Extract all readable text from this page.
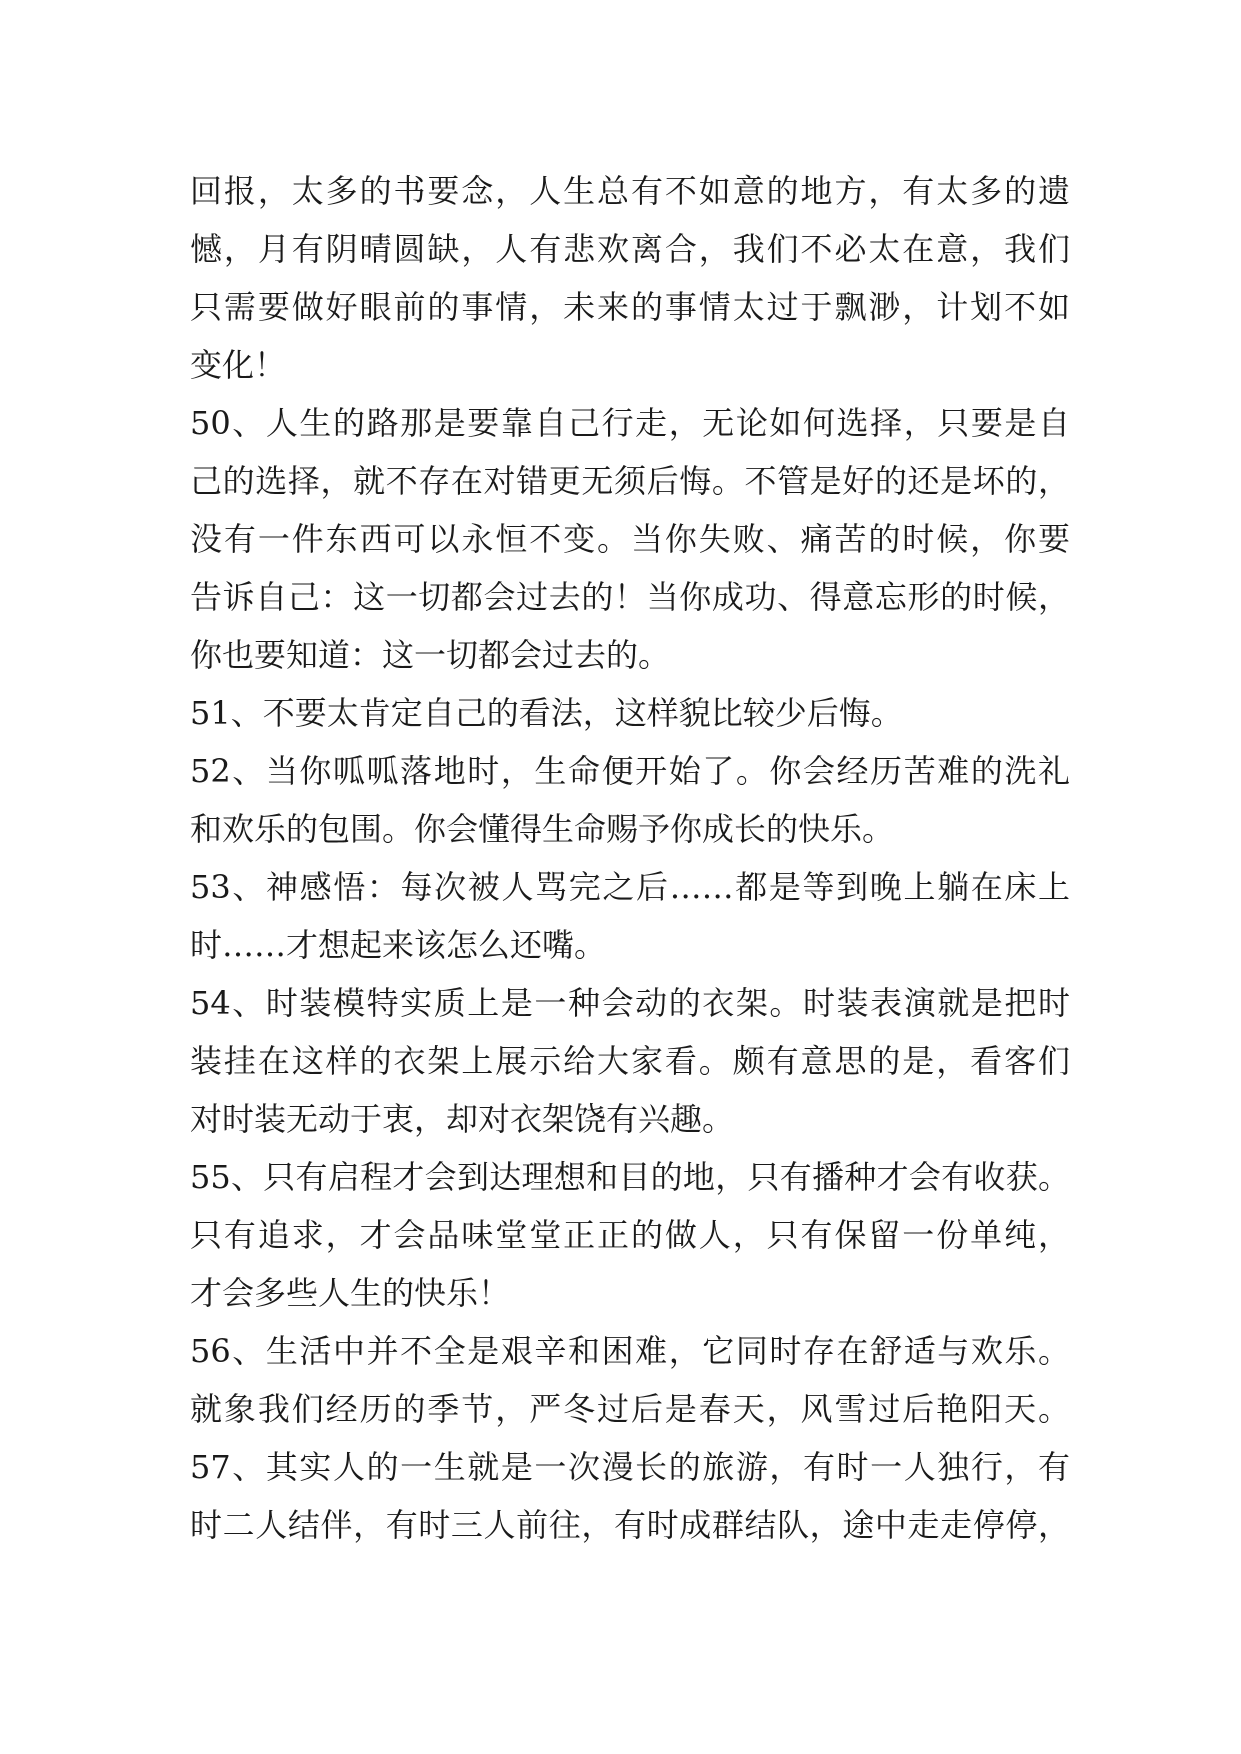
回报，太多的书要念，人生总有不如意的地方，有太多的遗
憾，月有阴晴圆缺，人有悲欢离合，我们不必太在意，我们
只需要做好眼前的事情，未来的事情太过于飘渺，计划不如
变化！
50、人生的路那是要靠自己行走，无论如何选择，只要是自
己的选择，就不存在对错更无须后悔。不管是好的还是坏的，
没有一件东西可以永恒不变。当你失败、痛苦的时候，你要
告诉自己：这一切都会过去的！当你成功、得意忘形的时候，
你也要知道：这一切都会过去的。
51、不要太肯定自己的看法，这样貌比较少后悔。
52、当你呱呱落地时，生命便开始了。你会经历苦难的洗礼
和欢乐的包围。你会懂得生命赐予你成长的快乐。
53、神感悟：每次被人骂完之后……都是等到晚上躺在床上
时……才想起来该怎么还嘴。
54、时装模特实质上是一种会动的衣架。时装表演就是把时
装挂在这样的衣架上展示给大家看。颇有意思的是，看客们
对时装无动于衷，却对衣架饶有兴趣。
55、只有启程才会到达理想和目的地，只有播种才会有收获。
只有追求，才会品味堂堂正正的做人，只有保留一份单纯，
才会多些人生的快乐！
56、生活中并不全是艰辛和困难，它同时存在舒适与欢乐。
就象我们经历的季节，严冬过后是春天，风雪过后艳阳天。
57、其实人的一生就是一次漫长的旅游，有时一人独行，有
时二人结伴，有时三人前往，有时成群结队，途中走走停停，
